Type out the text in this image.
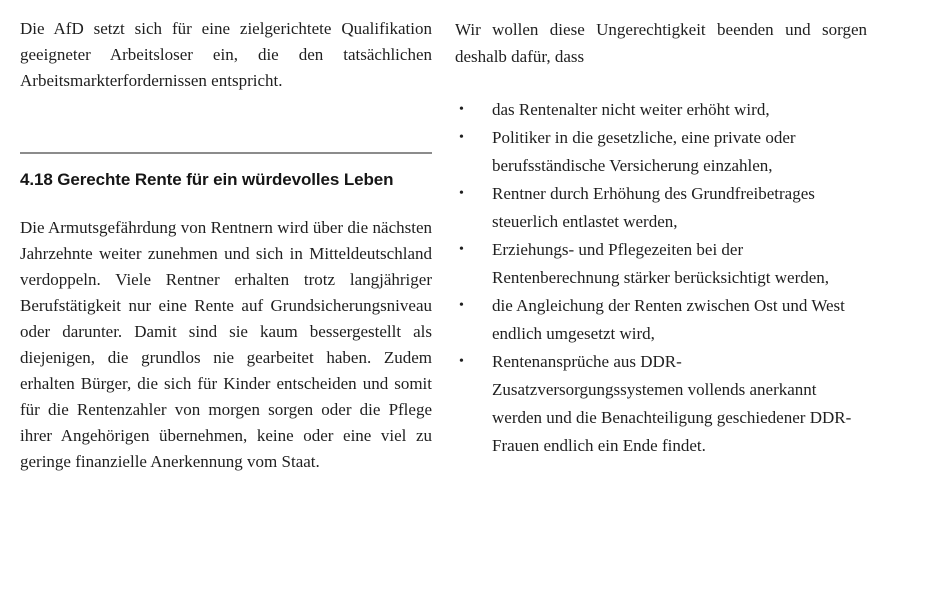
Die AfD setzt sich für eine zielgerichtete Qualifikation geeigneter Arbeitsloser ein, die den tatsächlichen Arbeitsmarkterfordernissen entspricht.

4.18 Gerechte Rente für ein würdevolles Leben

Die Armutsgefährdung von Rentnern wird über die nächsten Jahrzehnte weiter zunehmen und sich in Mitteldeutschland verdoppeln. Viele Rentner erhalten trotz langjähriger Berufstätigkeit nur eine Rente auf Grundsicherungsniveau oder darunter. Damit sind sie kaum bessergestellt als diejenigen, die grundlos nie gearbeitet haben. Zudem erhalten Bürger, die sich für Kinder entscheiden und somit für die Rentenzahler von morgen sorgen oder die Pflege ihrer Angehörigen übernehmen, keine oder eine viel zu geringe finanzielle Anerkennung vom Staat.

Wir wollen diese Ungerechtigkeit beenden und sorgen deshalb dafür, dass

• das Rentenalter nicht weiter erhöht wird,
• Politiker in die gesetzliche, eine private oder berufsständische Versicherung einzahlen,
• Rentner durch Erhöhung des Grundfreibetrages steuerlich entlastet werden,
• Erziehungs- und Pflegezeiten bei der Rentenberechnung stärker berücksichtigt werden,
• die Angleichung der Renten zwischen Ost und West endlich umgesetzt wird,
• Rentenansprüche aus DDR-Zusatzversorgungssystemen vollends anerkannt werden und die Benachteiligung geschiedener DDR-Frauen endlich ein Ende findet.
